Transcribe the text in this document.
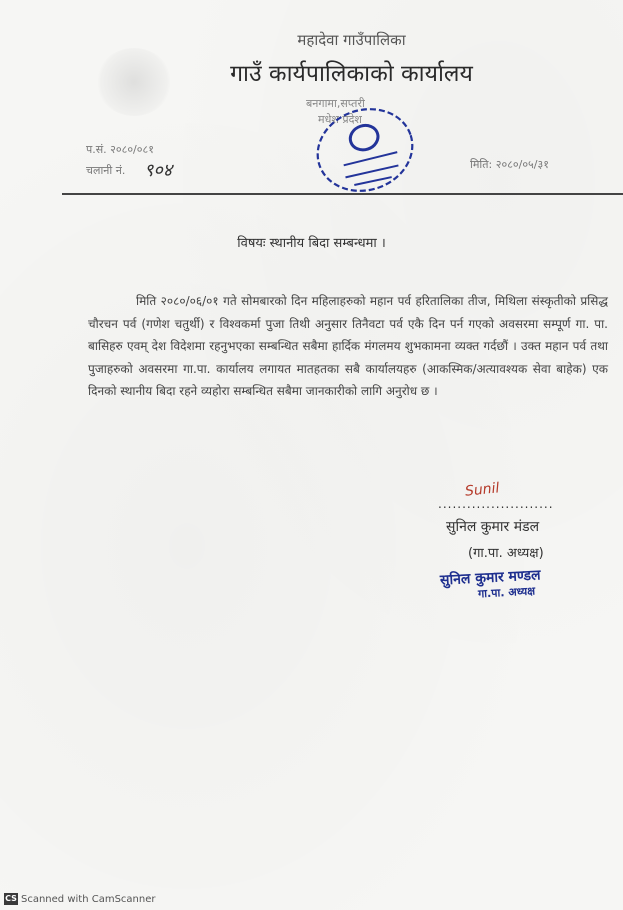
महादेवा गाउँपालिका
गाउँ कार्यपालिकाको कार्यालय
बनगामा,सप्तरी
मधेश प्रदेश
प.सं. २०८०/०८१
चलानी नं. ९०४	मिति: २०८०/०५/३१
विषयः स्थानीय बिदा सम्बन्धमा ।
मिति २०८०/०६/०१ गते सोमबारको दिन महिलाहरुको महान पर्व हरितालिका तीज, मिथिला संस्कृतीको प्रसिद्ध चौरचन पर्व (गणेश चतुर्थी) र विश्वकर्मा पुजा तिथी अनुसार तिनैवटा पर्व एकै दिन पर्न गएको अवसरमा सम्पूर्ण गा. पा. बासिहरु एवम् देश विदेशमा रहनुभएका सम्बन्धित सबैमा हार्दिक मंगलमय शुभकामना व्यक्त गर्दछौं । उक्त महान पर्व तथा पुजाहरुको अवसरमा गा.पा. कार्यालय लगायत मातहतका सबै कार्यालयहरु (आकस्मिक/अत्यावश्यक सेवा बाहेक) एक दिनको स्थानीय बिदा रहने व्यहोरा सम्बन्धित सबैमा जानकारीको लागि अनुरोध छ ।
Sunil
........................
सुनिल कुमार मंडल
(गा.पा. अध्यक्ष)
सुनिल कुमार मण्डल
गा.पा. अध्यक्ष
CS Scanned with CamScanner
